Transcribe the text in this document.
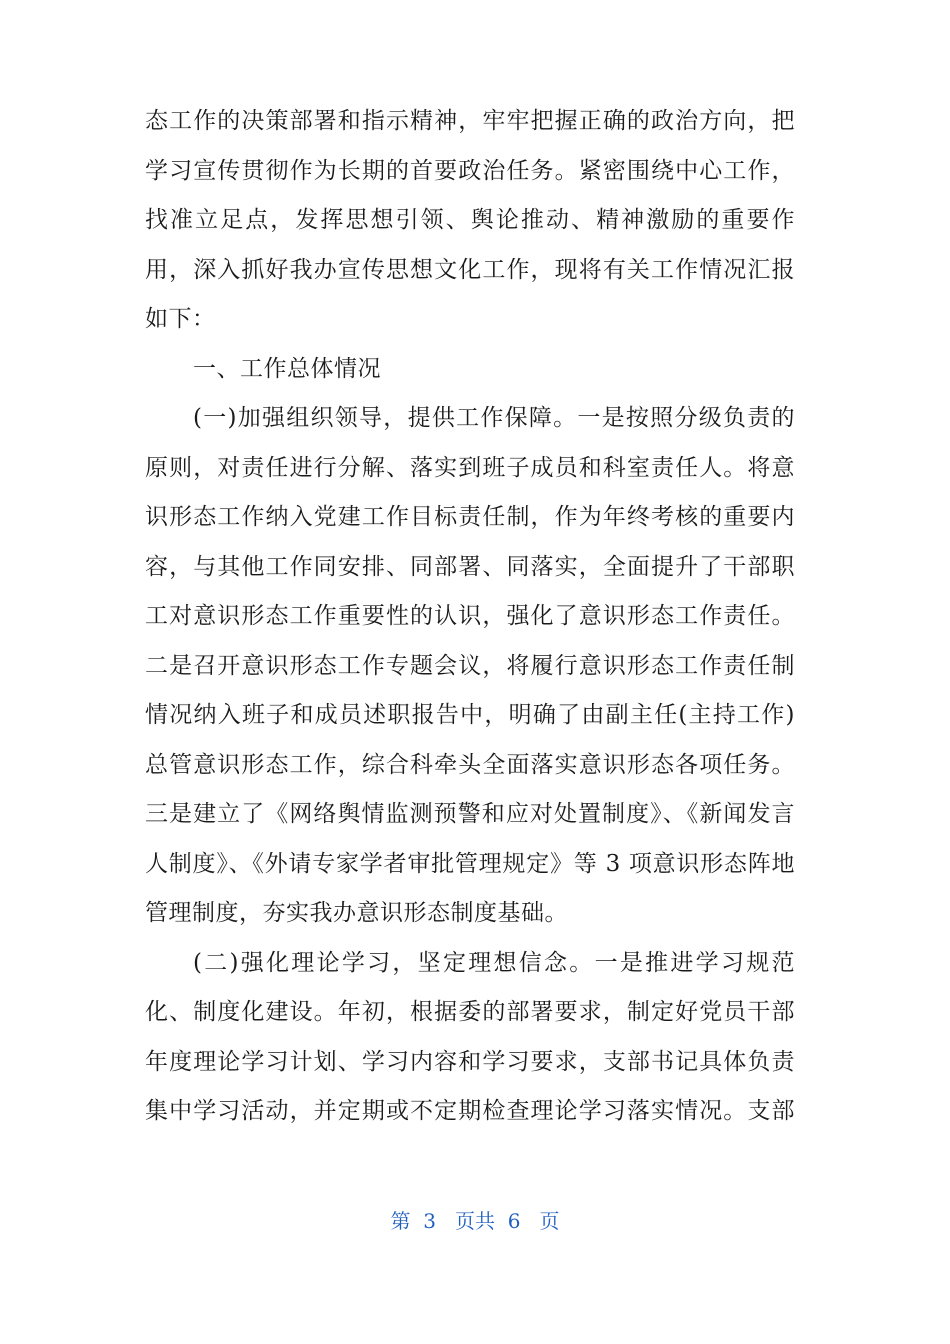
态工作的决策部署和指示精神，牢牢把握正确的政治方向，把
学习宣传贯彻作为长期的首要政治任务。紧密围绕中心工作，
找准立足点，发挥思想引领、舆论推动、精神激励的重要作
用，深入抓好我办宣传思想文化工作，现将有关工作情况汇报
如下：
一、工作总体情况
(一)加强组织领导，提供工作保障。一是按照分级负责的
原则，对责任进行分解、落实到班子成员和科室责任人。将意
识形态工作纳入党建工作目标责任制，作为年终考核的重要内
容，与其他工作同安排、同部署、同落实，全面提升了干部职
工对意识形态工作重要性的认识，强化了意识形态工作责任。
二是召开意识形态工作专题会议，将履行意识形态工作责任制
情况纳入班子和成员述职报告中，明确了由副主任(主持工作)
总管意识形态工作，综合科牵头全面落实意识形态各项任务。
三是建立了《网络舆情监测预警和应对处置制度》、《新闻发言
人制度》、《外请专家学者审批管理规定》等 3 项意识形态阵地
管理制度，夯实我办意识形态制度基础。
(二)强化理论学习，坚定理想信念。一是推进学习规范
化、制度化建设。年初，根据委的部署要求，制定好党员干部
年度理论学习计划、学习内容和学习要求，支部书记具体负责
集中学习活动，并定期或不定期检查理论学习落实情况。支部
第  3   页共  6   页
